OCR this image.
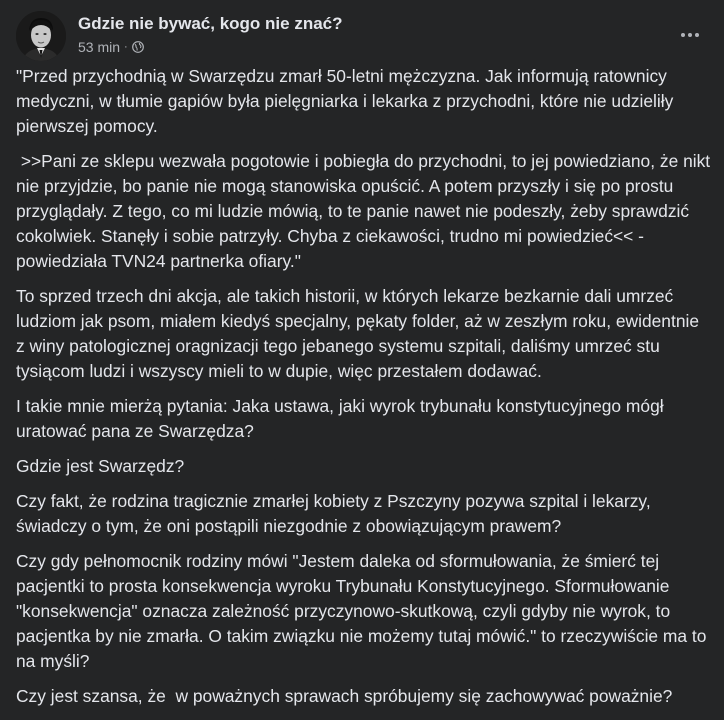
Gdzie nie bywać, kogo nie znać?
53 min ·

"Przed przychodnią w Swarzędzu zmarł 50-letni mężczyzna. Jak informują ratownicy medyczni, w tłumie gapiów była pielęgniarka i lekarka z przychodni, które nie udzieliły pierwszej pomocy.

>>Pani ze sklepu wezwała pogotowie i pobiegła do przychodni, to jej powiedziano, że nikt nie przyjdzie, bo panie nie mogą stanowiska opuścić. A potem przyszły i się po prostu przyglądały. Z tego, co mi ludzie mówią, to te panie nawet nie podeszły, żeby sprawdzić cokolwiek. Stanęły i sobie patrzyły. Chyba z ciekawości, trudno mi powiedzieć<< - powiedziała TVN24 partnerka ofiary."

To sprzed trzech dni akcja, ale takich historii, w których lekarze bezkarnie dali umrzeć ludziom jak psom, miałem kiedyś specjalny, pękaty folder, aż w zeszłym roku, ewidentnie z winy patologicznej oragnizacji tego jebanego systemu szpitali, daliśmy umrzeć stu tysiącom ludzi i wszyscy mieli to w dupie, więc przestałem dodawać.

I takie mnie mierżą pytania: Jaka ustawa, jaki wyrok trybunału konstytucyjnego mógł uratować pana ze Swarzędza?

Gdzie jest Swarzędz?

Czy fakt, że rodzina tragicznie zmarłej kobiety z Pszczyny pozywa szpital i lekarzy, świadczy o tym, że oni postąpili niezgodnie z obowiązującym prawem?

Czy gdy pełnomocnik rodziny mówi "Jestem daleka od sformułowania, że śmierć tej pacjentki to prosta konsekwencja wyroku Trybunału Konstytucyjnego. Sformułowanie "konsekwencja" oznacza zależność przyczynowo-skutkową, czyli gdyby nie wyrok, to pacjentka by nie zmarła. O takim związku nie możemy tutaj mówić." to rzeczywiście ma to na myśli?

Czy jest szansa, że  w poważnych sprawach spróbujemy się zachowywać poważnie?
